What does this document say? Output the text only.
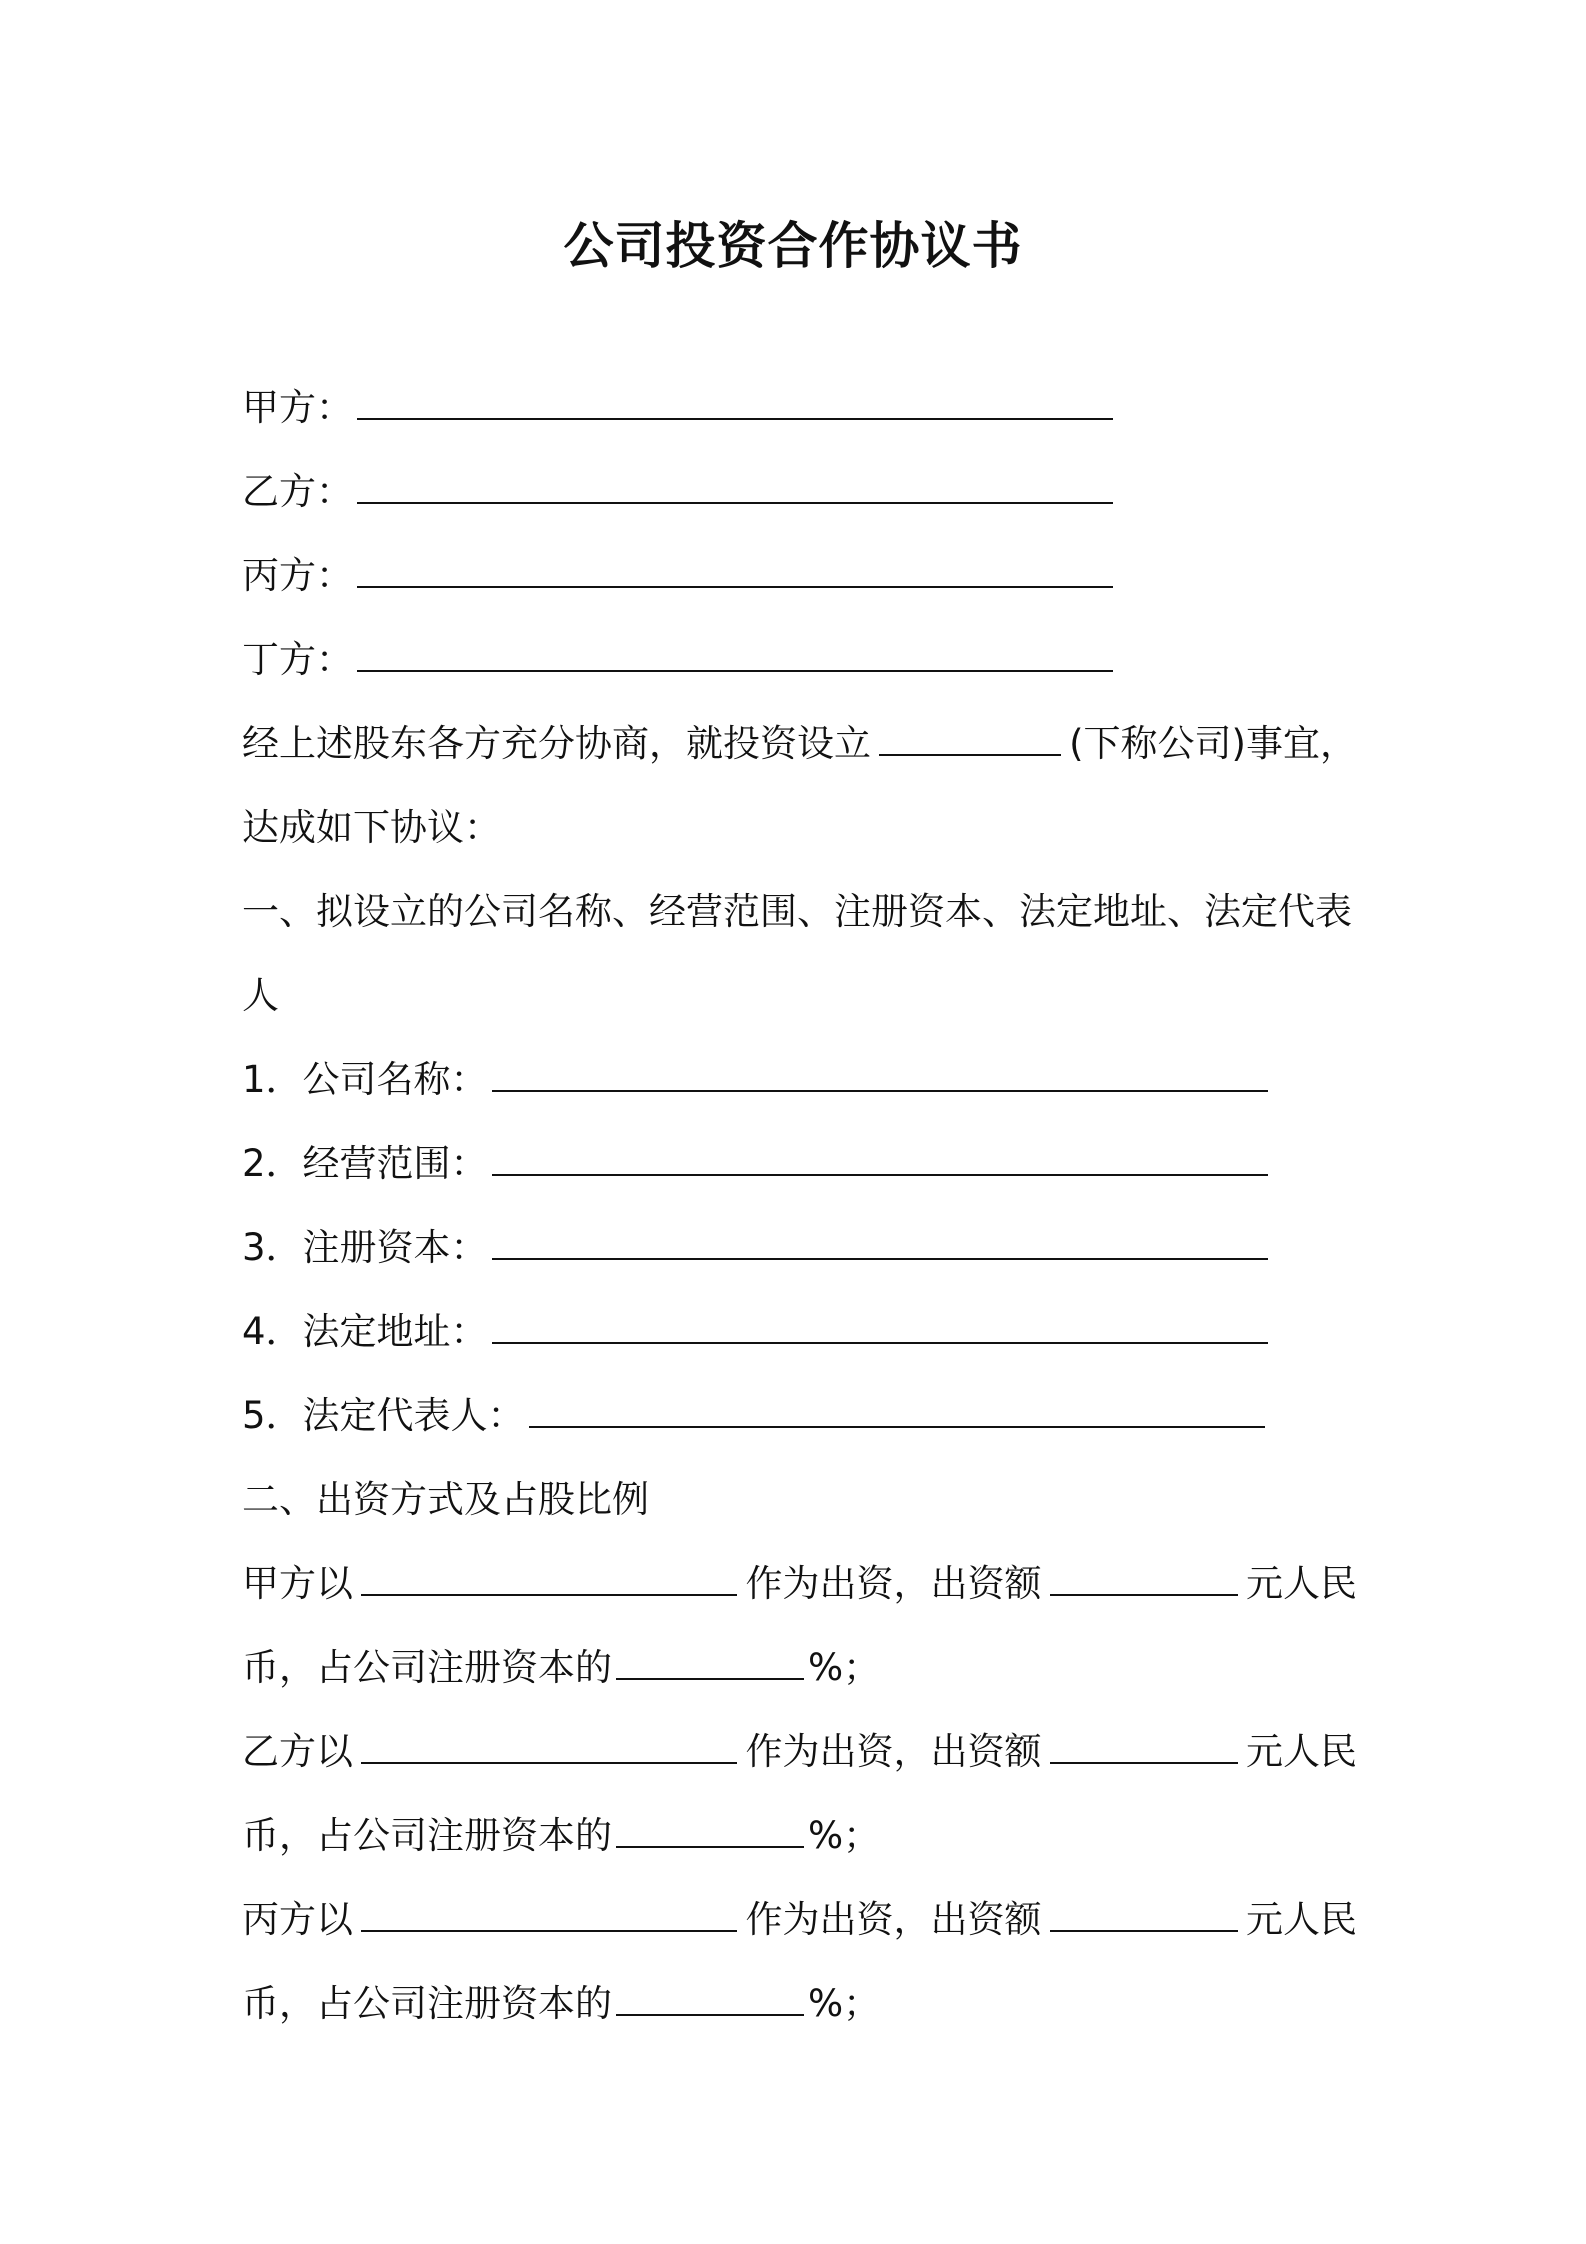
公司投资合作协议书
甲方：
乙方：
丙方：
丁方：
经上述股东各方充分协商，就投资设立	(下称公司)事宜，
达成如下协议：
一、拟设立的公司名称、经营范围、注册资本、法定地址、法定代表
人
1．公司名称：
2．经营范围：
3．注册资本：
4．法定地址：
5．法定代表人：
二、出资方式及占股比例
甲方以	作为出资，出资额	元人民
币，占公司注册资本的	%；
乙方以	作为出资，出资额	元人民
币，占公司注册资本的	%；
丙方以	作为出资，出资额	元人民
币，占公司注册资本的	%；
